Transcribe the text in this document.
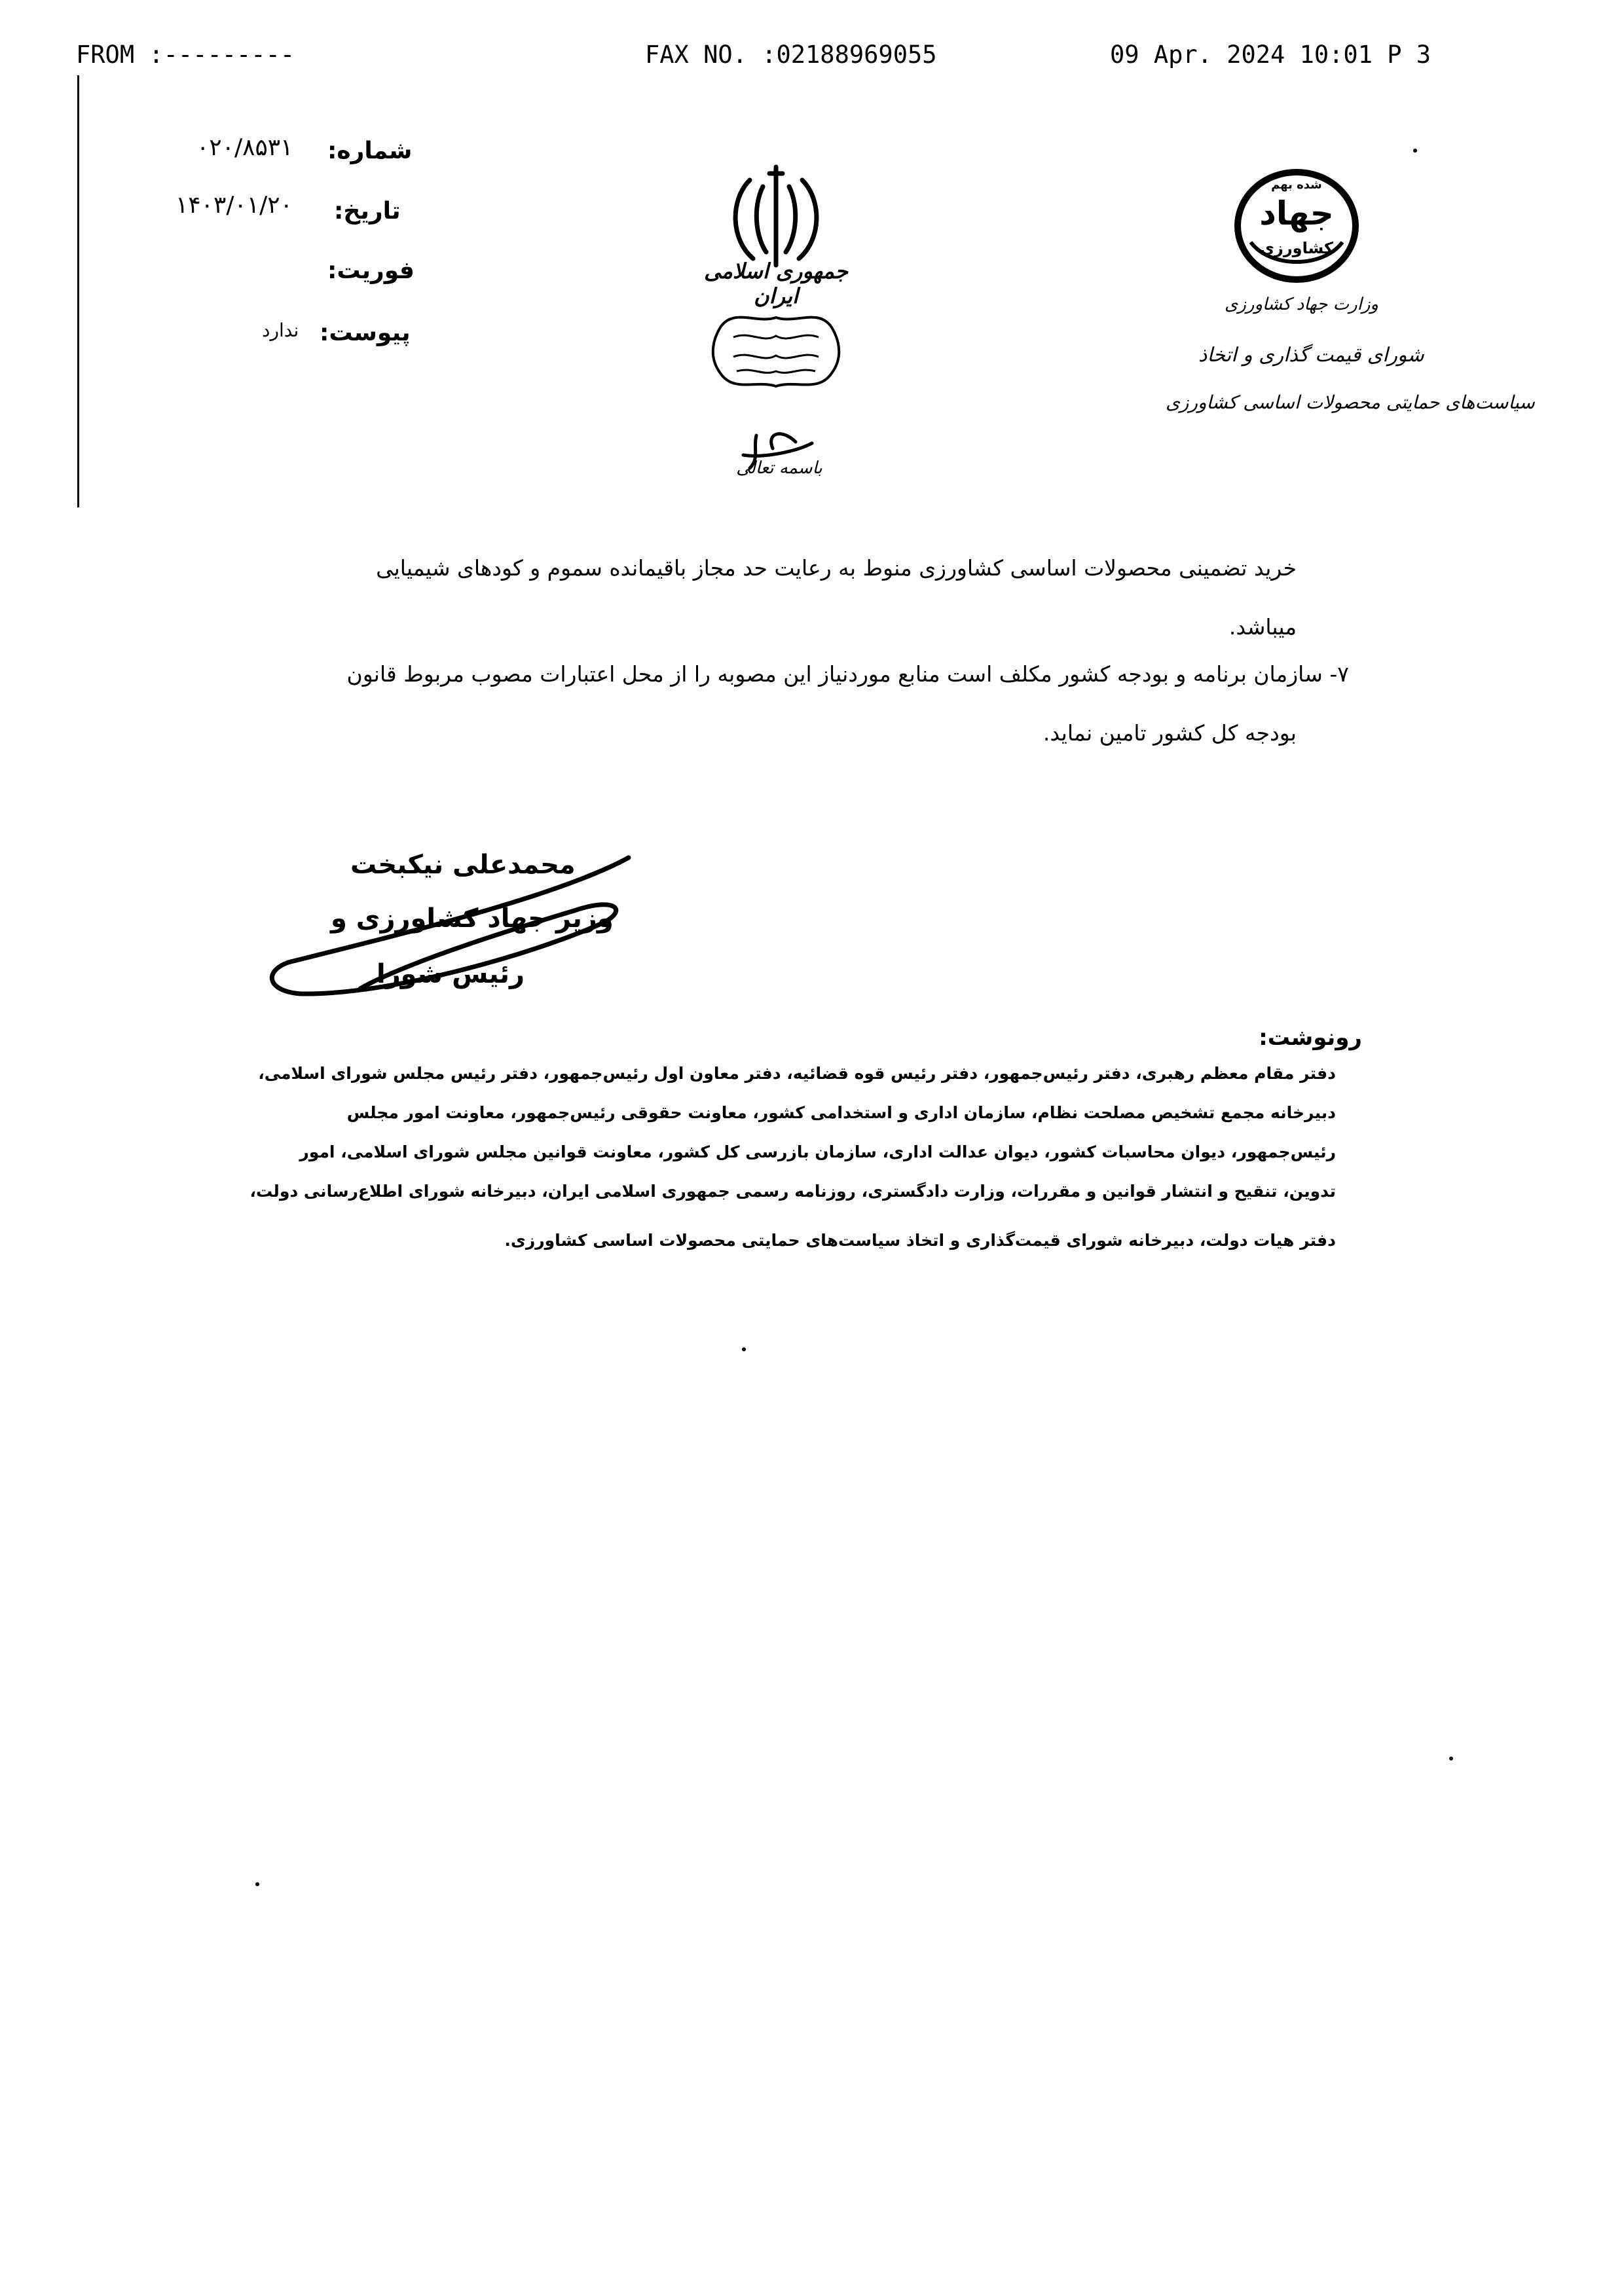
FROM :---------	FAX NO. :02188969055	09 Apr. 2024 10:01 P 3
شماره:
۰۲۰/۸۵۳۱
تاریخ:
۱۴۰۳/۰۱/۲۰
فوریت:
پیوست:
ندارد
جمهوری اسلامی ایران
باسمه تعالی
شده بهم
جهاد
کشاورزی
وزارت جهاد کشاورزی
شورای قیمت گذاری و اتخاذ
سیاست‌های حمایتی محصولات اساسی کشاورزی
خرید تضمینی محصولات اساسی کشاورزی منوط به رعایت حد مجاز باقیمانده سموم و کودهای شیمیایی
میباشد.
۷- سازمان برنامه و بودجه کشور مکلف است منابع موردنیاز این مصوبه را از محل اعتبارات مصوب مربوط قانون
بودجه کل کشور تامین نماید.
محمدعلی نیکبخت
وزیر جهاد کشاورزی و
رئیس شورا
رونوشت:
دفتر مقام معظم رهبری، دفتر رئیس‌جمهور، دفتر رئیس قوه قضائیه، دفتر معاون اول رئیس‌جمهور، دفتر رئیس مجلس شورای اسلامی،
دبیرخانه مجمع تشخیص مصلحت نظام، سازمان اداری و استخدامی کشور، معاونت حقوقی رئیس‌جمهور، معاونت امور مجلس
رئیس‌جمهور، دیوان محاسبات کشور، دیوان عدالت اداری، سازمان بازرسی کل کشور، معاونت قوانین مجلس شورای اسلامی، امور
تدوین، تنقیح و انتشار قوانین و مقررات، وزارت دادگستری، روزنامه رسمی جمهوری اسلامی ایران، دبیرخانه شورای اطلاع‌رسانی دولت،
دفتر هیات دولت، دبیرخانه شورای قیمت‌گذاری و اتخاذ سیاست‌های حمایتی محصولات اساسی کشاورزی.
